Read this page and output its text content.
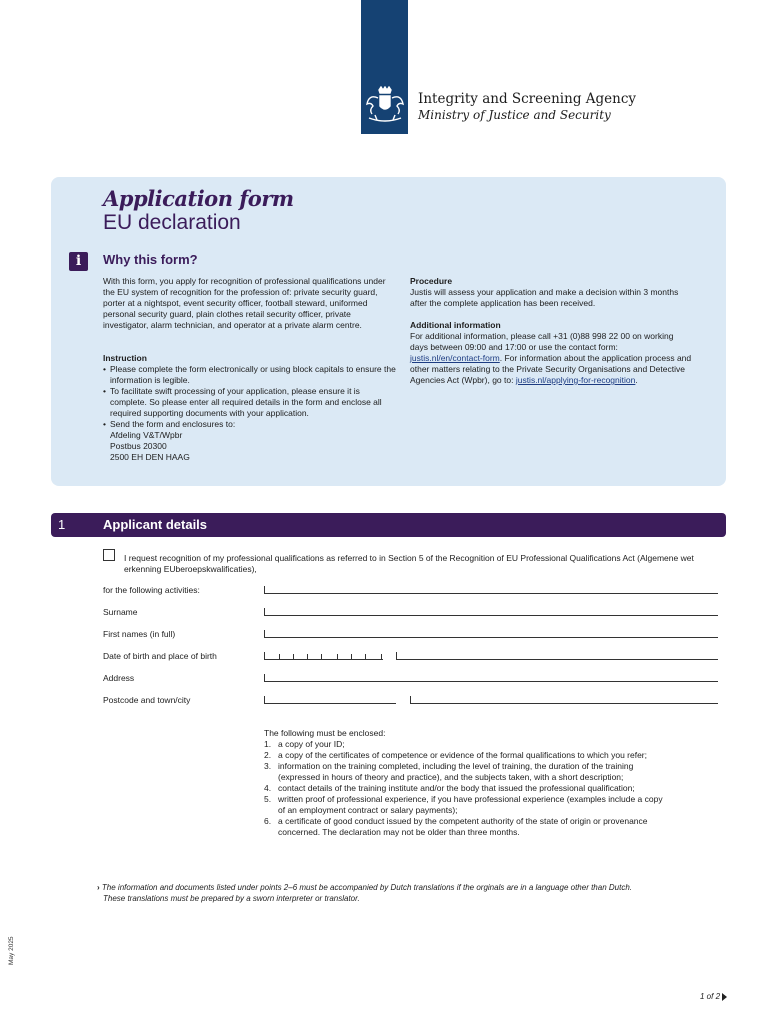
Integrity and Screening Agency
Ministry of Justice and Security
Application form
EU declaration
i	Why this form?
With this form, you apply for recognition of professional qualifications under the EU system of recognition for the profession of: private security guard, porter at a nightspot, event security officer, football steward, uniformed personal security guard, plain clothes retail security officer, private investigator, alarm technician, and operator at a private alarm centre.
Instruction
• Please complete the form electronically or using block capitals to ensure the information is legible.
• To facilitate swift processing of your application, please ensure it is complete. So please enter all required details in the form and enclose all required supporting documents with your application.
• Send the form and enclosures to:
Afdeling V&T/Wpbr
Postbus 20300
2500 EH DEN HAAG
Procedure
Justis will assess your application and make a decision within 3 months after the complete application has been received.
Additional information
For additional information, please call +31 (0)88 998 22 00 on working days between 09:00 and 17:00 or use the contact form: justis.nl/en/contact-form. For information about the application process and other matters relating to the Private Security Organisations and Detective Agencies Act (Wpbr), go to: justis.nl/applying-for-recognition.
1	Applicant details
I request recognition of my professional qualifications as referred to in Section 5 of the Recognition of EU Professional Qualifications Act (Algemene wet erkenning EUberoepskwalificaties),
for the following activities:
Surname
First names (in full)
Date of birth and place of birth
Address
Postcode and town/city
The following must be enclosed:
1. a copy of your ID;
2. a copy of the certificates of competence or evidence of the formal qualifications to which you refer;
3. information on the training completed, including the level of training, the duration of the training (expressed in hours of theory and practice), and the subjects taken, with a short description;
4. contact details of the training institute and/or the body that issued the professional qualification;
5. written proof of professional experience, if you have professional experience (examples include a copy of an employment contract or salary payments);
6. a certificate of good conduct issued by the competent authority of the state of origin or provenance concerned. The declaration may not be older than three months.
› The information and documents listed under points 2–6 must be accompanied by Dutch translations if the orginals are in a language other than Dutch.
These translations must be prepared by a sworn interpreter or translator.
May 2025
1 of 2
